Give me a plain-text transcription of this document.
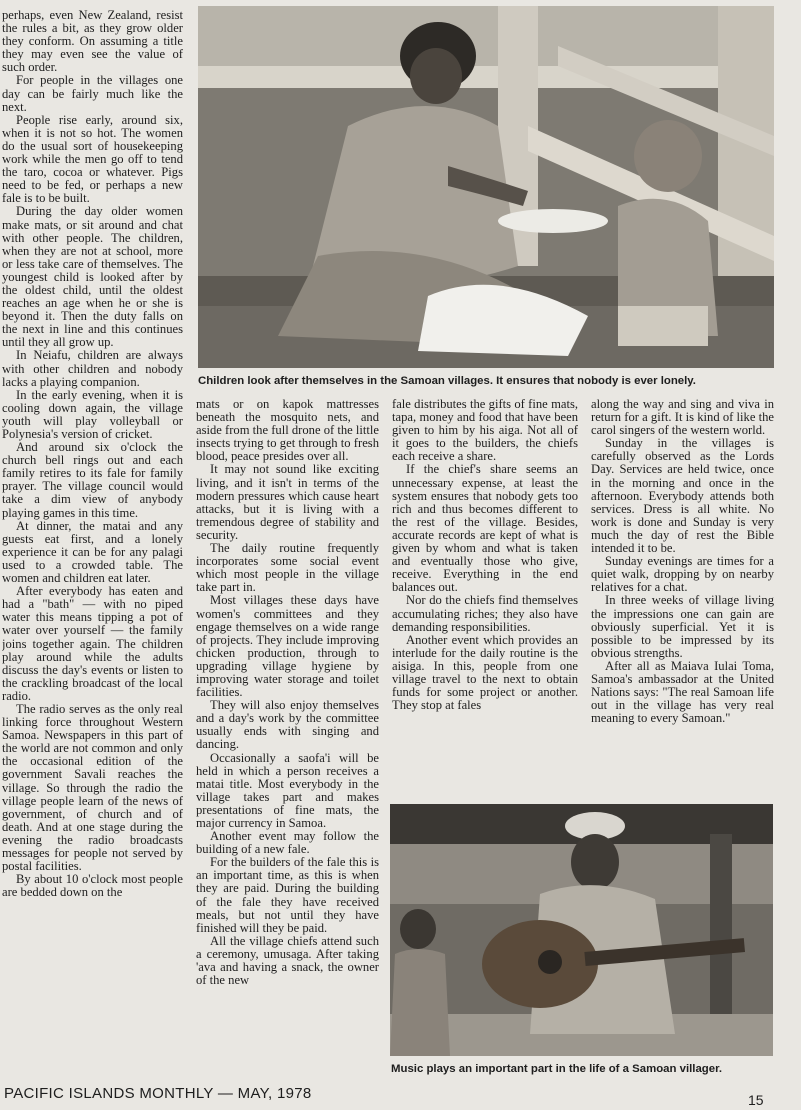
Children look after themselves in the Samoan villages. It ensures that nobody is ever lonely.

perhaps, even New Zealand, resist the rules a bit, as they grow older they conform. On assuming a title they may even see the value of such order.

For people in the villages one day can be fairly much like the next.

People rise early, around six, when it is not so hot. The women do the usual sort of housekeeping work while the men go off to tend the taro, cocoa or whatever. Pigs need to be fed, or perhaps a new fale is to be built.

During the day older women make mats, or sit around and chat with other people. The children, when they are not at school, more or less take care of themselves. The youngest child is looked after by the oldest child, until the oldest reaches an age when he or she is beyond it. Then the duty falls on the next in line and this continues until they all grow up.

In Neiafu, children are always with other children and nobody lacks a playing companion.

In the early evening, when it is cooling down again, the village youth will play volleyball or Polynesia's version of cricket.

And around six o'clock the church bell rings out and each family retires to its fale for family prayer. The village council would take a dim view of anybody playing games in this time.

At dinner, the matai and any guests eat first, and a lonely experience it can be for any palagi used to a crowded table. The women and children eat later.

After everybody has eaten and had a "bath" — with no piped water this means tipping a pot of water over yourself — the family joins together again. The children play around while the adults discuss the day's events or listen to the crackling broadcast of the local radio.

The radio serves as the only real linking force throughout Western Samoa. Newspapers in this part of the world are not common and only the occasional edition of the government Savali reaches the village. So through the radio the village people learn of the news of government, of church and of death. And at one stage during the evening the radio broadcasts messages for people not served by postal facilities.

By about 10 o'clock most people are bedded down on the

mats or on kapok mattresses beneath the mosquito nets, and aside from the full drone of the little insects trying to get through to fresh blood, peace presides over all.

It may not sound like exciting living, and it isn't in terms of the modern pressures which cause heart attacks, but it is living with a tremendous degree of stability and security.

The daily routine frequently incorporates some social event which most people in the village take part in.

Most villages these days have women's committees and they engage themselves on a wide range of projects. They include improving chicken production, through to upgrading village hygiene by improving water storage and toilet facilities.

They will also enjoy themselves and a day's work by the committee usually ends with singing and dancing.

Occasionally a saofa'i will be held in which a person receives a matai title. Most everybody in the village takes part and makes presentations of fine mats, the major currency in Samoa.

Another event may follow the building of a new fale.

For the builders of the fale this is an important time, as this is when they are paid. During the building of the fale they have received meals, but not until they have finished will they be paid.

All the village chiefs attend such a ceremony, umusaga. After taking 'ava and having a snack, the owner of the new

fale distributes the gifts of fine mats, tapa, money and food that have been given to him by his aiga. Not all of it goes to the builders, the chiefs each receive a share.

If the chief's share seems an unnecessary expense, at least the system ensures that nobody gets too rich and thus becomes different to the rest of the village. Besides, accurate records are kept of what is given by whom and what is taken and eventually those who give, receive. Everything in the end balances out.

Nor do the chiefs find themselves accumulating riches; they also have demanding responsibilities.

Another event which provides an interlude for the daily routine is the aisiga. In this, people from one village travel to the next to obtain funds for some project or another. They stop at fales

along the way and sing and viva in return for a gift. It is kind of like the carol singers of the western world.

Sunday in the villages is carefully observed as the Lords Day. Services are held twice, once in the morning and once in the afternoon. Everybody attends both services. Dress is all white. No work is done and Sunday is very much the day of rest the Bible intended it to be.

Sunday evenings are times for a quiet walk, dropping by on nearby relatives for a chat.

In three weeks of village living the impressions one can gain are obviously superficial. Yet it is possible to be impressed by its obvious strengths.

After all as Maiava Iulai Toma, Samoa's ambassador at the United Nations says: "The real Samoan life out in the village has very real meaning to every Samoan."

Music plays an important part in the life of a Samoan villager.
PACIFIC ISLANDS MONTHLY — MAY, 1978	15
